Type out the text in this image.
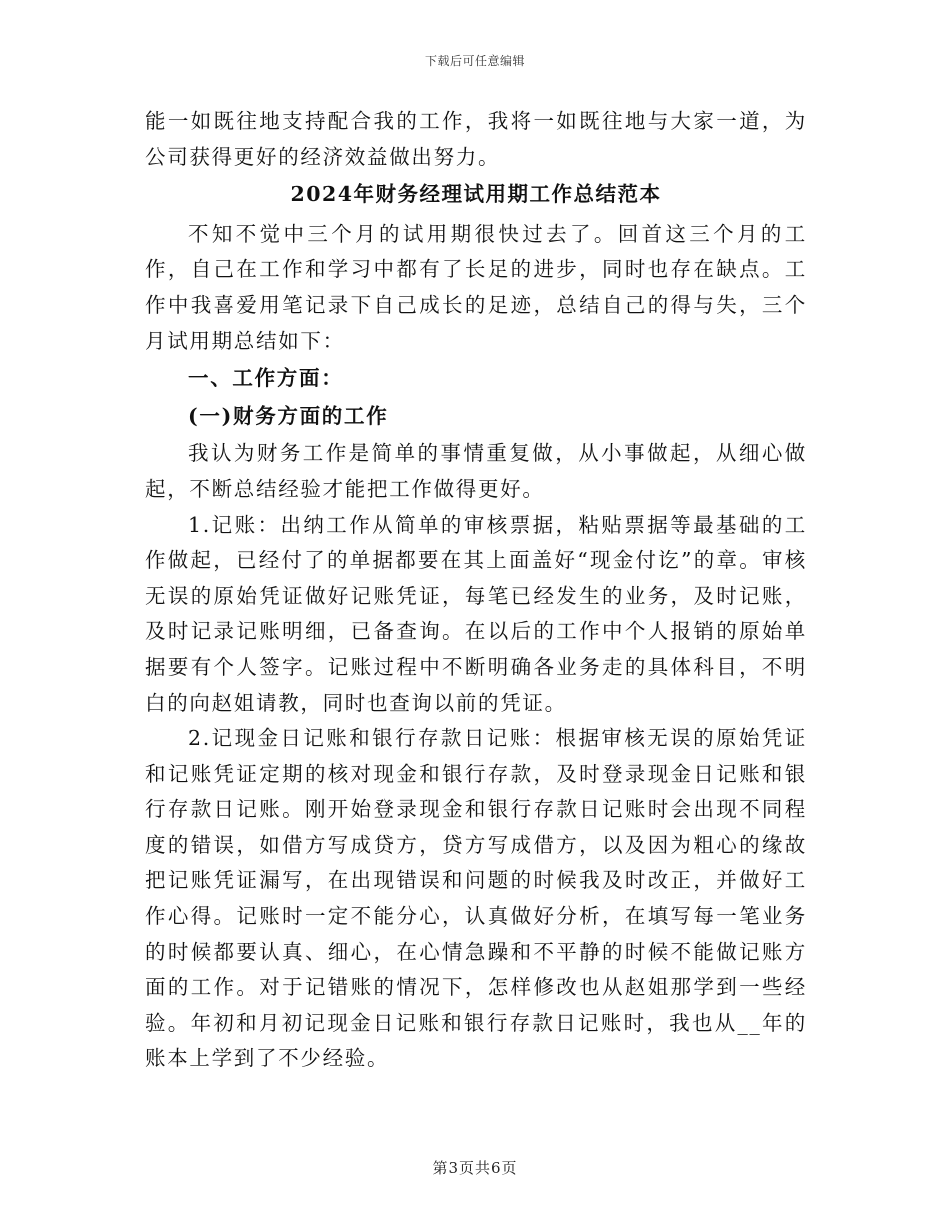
下载后可任意编辑

能一如既往地支持配合我的工作，我将一如既往地与大家一道，为公司获得更好的经济效益做出努力。

2024年财务经理试用期工作总结范本

不知不觉中三个月的试用期很快过去了。回首这三个月的工作，自己在工作和学习中都有了长足的进步，同时也存在缺点。工作中我喜爱用笔记录下自己成长的足迹，总结自己的得与失，三个月试用期总结如下：

一、工作方面：

(一)财务方面的工作

我认为财务工作是简单的事情重复做，从小事做起，从细心做起，不断总结经验才能把工作做得更好。

1.记账：出纳工作从简单的审核票据，粘贴票据等最基础的工作做起，已经付了的单据都要在其上面盖好“现金付讫”的章。审核无误的原始凭证做好记账凭证，每笔已经发生的业务，及时记账，及时记录记账明细，已备查询。在以后的工作中个人报销的原始单据要有个人签字。记账过程中不断明确各业务走的具体科目，不明白的向赵姐请教，同时也查询以前的凭证。

2.记现金日记账和银行存款日记账：根据审核无误的原始凭证和记账凭证定期的核对现金和银行存款，及时登录现金日记账和银行存款日记账。刚开始登录现金和银行存款日记账时会出现不同程度的错误，如借方写成贷方，贷方写成借方，以及因为粗心的缘故把记账凭证漏写，在出现错误和问题的时候我及时改正，并做好工作心得。记账时一定不能分心，认真做好分析，在填写每一笔业务的时候都要认真、细心，在心情急躁和不平静的时候不能做记账方面的工作。对于记错账的情况下，怎样修改也从赵姐那学到一些经验。年初和月初记现金日记账和银行存款日记账时，我也从__年的账本上学到了不少经验。

第3页共6页
